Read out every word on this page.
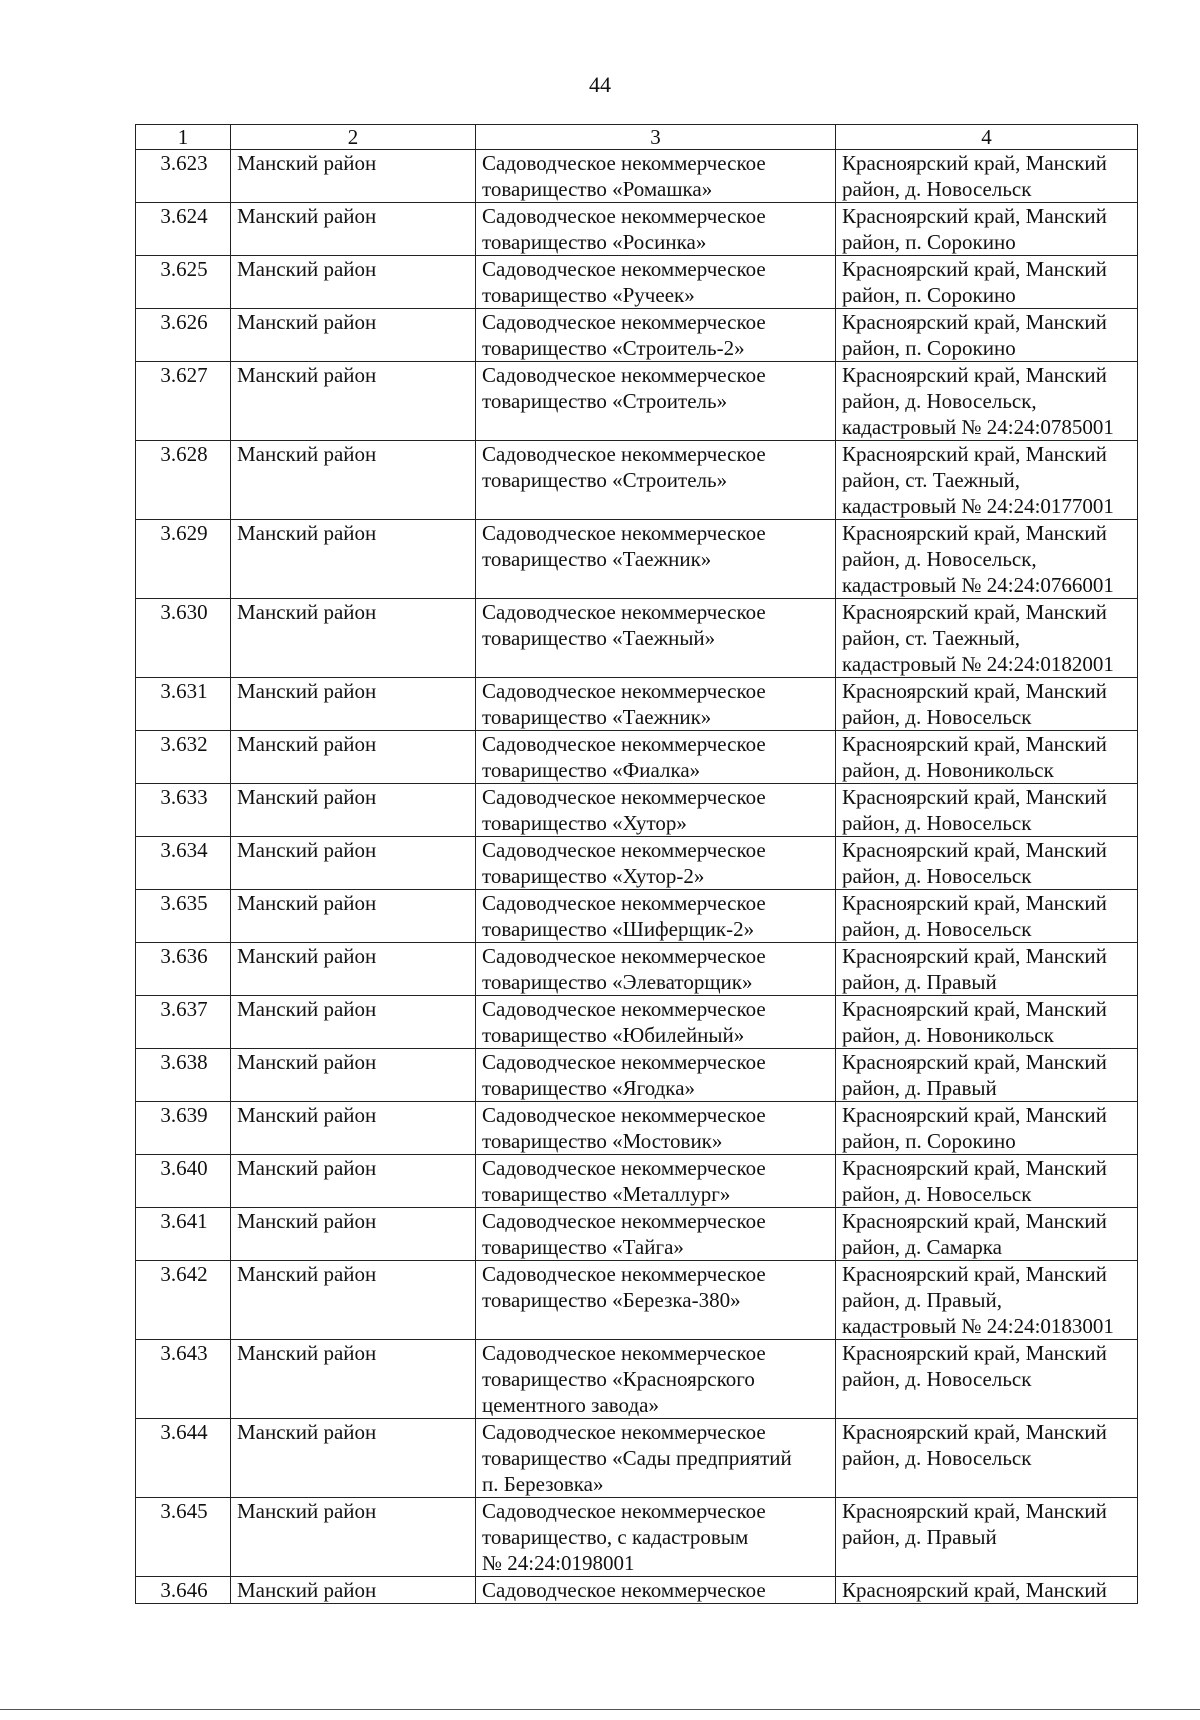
44
1	2	3	4
3.623	Манский район	Садоводческое некоммерческое
товарищество «Ромашка»	Красноярский край, Манский
район, д. Новосельск

3.624	Манский район	Садоводческое некоммерческое
товарищество «Росинка»	Красноярский край, Манский
район, п. Сорокино

3.625	Манский район	Садоводческое некоммерческое
товарищество «Ручеек»	Красноярский край, Манский
район, п. Сорокино

3.626	Манский район	Садоводческое некоммерческое
товарищество «Строитель-2»	Красноярский край, Манский
район, п. Сорокино

3.627	Манский район	Садоводческое некоммерческое
товарищество «Строитель»	Красноярский край, Манский
район, д. Новосельск,
кадастровый № 24:24:0785001

3.628	Манский район	Садоводческое некоммерческое
товарищество «Строитель»	Красноярский край, Манский
район, ст. Таежный,
кадастровый № 24:24:0177001

3.629	Манский район	Садоводческое некоммерческое
товарищество «Таежник»	Красноярский край, Манский
район, д. Новосельск,
кадастровый № 24:24:0766001

3.630	Манский район	Садоводческое некоммерческое
товарищество «Таежный»	Красноярский край, Манский
район, ст. Таежный,
кадастровый № 24:24:0182001

3.631	Манский район	Садоводческое некоммерческое
товарищество «Таежник»	Красноярский край, Манский
район, д. Новосельск

3.632	Манский район	Садоводческое некоммерческое
товарищество «Фиалка»	Красноярский край, Манский
район, д. Новоникольск

3.633	Манский район	Садоводческое некоммерческое
товарищество «Хутор»	Красноярский край, Манский
район, д. Новосельск

3.634	Манский район	Садоводческое некоммерческое
товарищество «Хутор-2»	Красноярский край, Манский
район, д. Новосельск

3.635	Манский район	Садоводческое некоммерческое
товарищество «Шиферщик-2»	Красноярский край, Манский
район, д. Новосельск

3.636	Манский район	Садоводческое некоммерческое
товарищество «Элеваторщик»	Красноярский край, Манский
район, д. Правый

3.637	Манский район	Садоводческое некоммерческое
товарищество «Юбилейный»	Красноярский край, Манский
район, д. Новоникольск

3.638	Манский район	Садоводческое некоммерческое
товарищество «Ягодка»	Красноярский край, Манский
район, д. Правый

3.639	Манский район	Садоводческое некоммерческое
товарищество «Мостовик»	Красноярский край, Манский
район, п. Сорокино

3.640	Манский район	Садоводческое некоммерческое
товарищество «Металлург»	Красноярский край, Манский
район, д. Новосельск

3.641	Манский район	Садоводческое некоммерческое
товарищество «Тайга»	Красноярский край, Манский
район, д. Самарка

3.642	Манский район	Садоводческое некоммерческое
товарищество «Березка-380»	Красноярский край, Манский
район, д. Правый,
кадастровый № 24:24:0183001

3.643	Манский район	Садоводческое некоммерческое
товарищество «Красноярского
цементного завода»	Красноярский край, Манский
район, д. Новосельск

3.644	Манский район	Садоводческое некоммерческое
товарищество «Сады предприятий
п. Березовка»	Красноярский край, Манский
район, д. Новосельск

3.645	Манский район	Садоводческое некоммерческое
товарищество, с кадастровым
№ 24:24:0198001	Красноярский край, Манский
район, д. Правый

3.646	Манский район	Садоводческое некоммерческое	Красноярский край, Манский
